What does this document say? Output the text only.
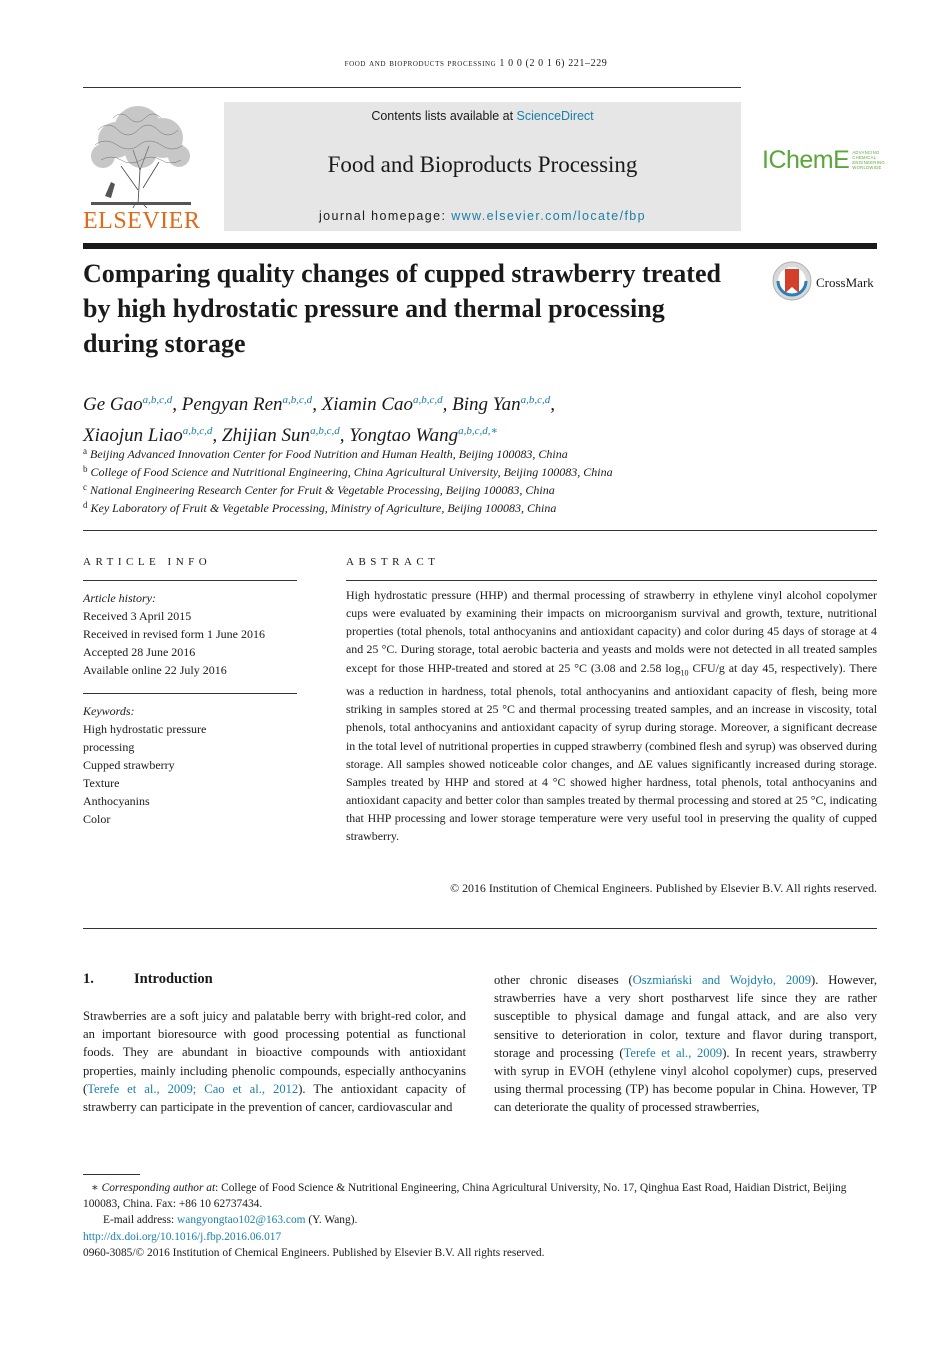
food and bioproducts processing 1 0 0 (2 0 1 6) 221–229
ELSEVIER
Contents lists available at ScienceDirect
Food and Bioproducts Processing
journal homepage: www.elsevier.com/locate/fbp
IChemE ADVANCING
CHEMICAL
ENGINEERING
WORLDWIDE
Comparing quality changes of cupped strawberry treated by high hydrostatic pressure and thermal processing during storage
CrossMark
Ge Gao$^{a,b,c,d}$, Pengyan Ren$^{a,b,c,d}$, Xiamin Cao$^{a,b,c,d}$, Bing Yan$^{a,b,c,d}$,
Xiaojun Liao$^{a,b,c,d}$, Zhijian Sun$^{a,b,c,d}$, Yongtao Wang$^{a,b,c,d,∗}$
$^a$ Beijing Advanced Innovation Center for Food Nutrition and Human Health, Beijing 100083, China
$^b$ College of Food Science and Nutritional Engineering, China Agricultural University, Beijing 100083, China
$^c$ National Engineering Research Center for Fruit & Vegetable Processing, Beijing 100083, China
$^d$ Key Laboratory of Fruit & Vegetable Processing, Ministry of Agriculture, Beijing 100083, China
ARTICLE INFO
Article history:
Received 3 April 2015
Received in revised form 1 June 2016
Accepted 28 June 2016
Available online 22 July 2016
Keywords:
High hydrostatic pressure
processing
Cupped strawberry
Texture
Anthocyanins
Color
ABSTRACT

High hydrostatic pressure (HHP) and thermal processing of strawberry in ethylene vinyl alcohol copolymer cups were evaluated by examining their impacts on microorganism survival and growth, texture, nutritional properties (total phenols, total anthocyanins and antioxidant capacity) and color during 45 days of storage at 4 and 25 °C. During storage, total aerobic bacteria and yeasts and molds were not detected in all treated samples except for those HHP-treated and stored at 25 °C (3.08 and 2.58 $\log_{10} CFU/g$ at day 45, respectively). There was a reduction in hardness, total phenols, total anthocyanins and antioxidant capacity of flesh, being more striking in samples stored at 25 °C and thermal processing treated samples, and an increase in viscosity, total phenols, total anthocyanins and antioxidant capacity of syrup during storage. Moreover, a significant decrease in the total level of nutritional properties in cupped strawberry (combined flesh and syrup) was observed during storage. All samples showed noticeable color changes, and ΔE values significantly increased during storage. Samples treated by HHP and stored at 4 °C showed higher hardness, total phenols, total anthocyanins and antioxidant capacity and better color than samples treated by thermal processing and stored at 25 °C, indicating that HHP processing and lower storage temperature were very useful tool in preserving the quality of cupped strawberry.

© 2016 Institution of Chemical Engineers. Published by Elsevier B.V. All rights reserved.
1.	Introduction

Strawberries are a soft juicy and palatable berry with bright-red color, and an important bioresource with good processing potential as functional foods. They are abundant in bioactive compounds with antioxidant properties, mainly including phenolic compounds, especially anthocyanins (Terefe et al., 2009; Cao et al., 2012). The antioxidant capacity of strawberry can participate in the prevention of cancer, cardiovascular and

other chronic diseases (Oszmiański and Wojdyło, 2009). However, strawberries have a very short postharvest life since they are rather susceptible to physical damage and fungal attack, and are also very sensitive to deterioration in color, texture and flavor during transport, storage and processing (Terefe et al., 2009). In recent years, strawberry with syrup in EVOH (ethylene vinyl alcohol copolymer) cups, preserved using thermal processing (TP) has become popular in China. However, TP can deteriorate the quality of processed strawberries,

∗ Corresponding author at: College of Food Science & Nutritional Engineering, China Agricultural University, No. 17, Qinghua East Road, Haidian District, Beijing 100083, China. Fax: +86 10 62737434.

E-mail address: wangyongtao102@163.com (Y. Wang).

http://dx.doi.org/10.1016/j.fbp.2016.06.017

0960-3085/© 2016 Institution of Chemical Engineers. Published by Elsevier B.V. All rights reserved.
